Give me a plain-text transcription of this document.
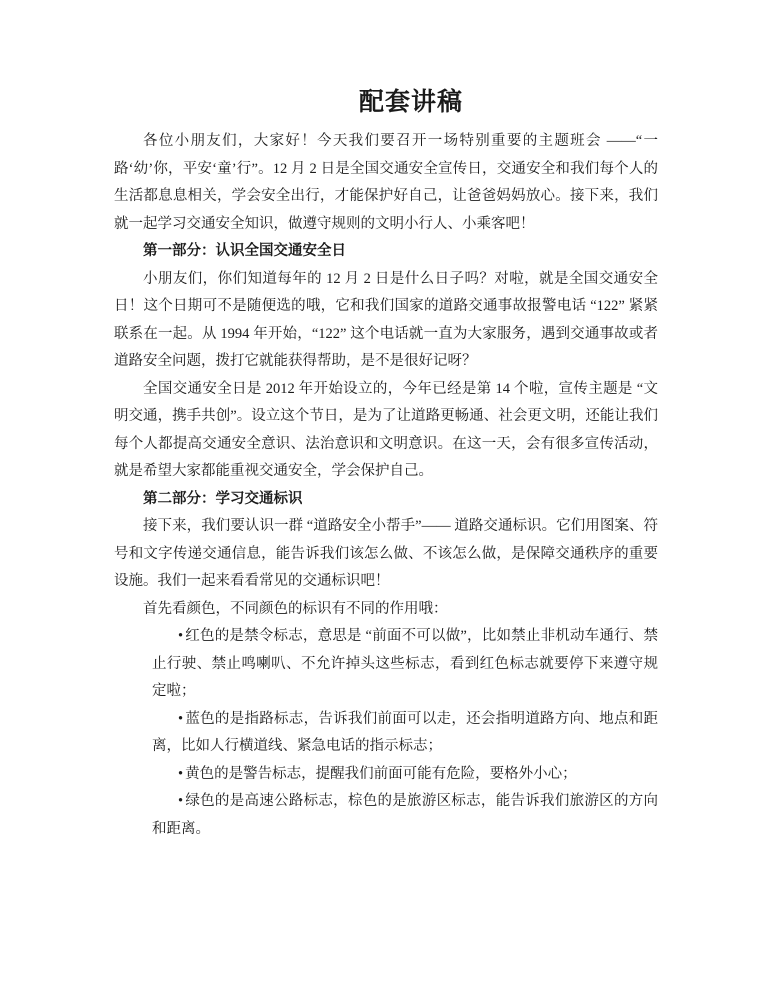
配套讲稿

各位小朋友们，大家好！今天我们要召开一场特别重要的主题班会 ——“一路‘幼’你，平安‘童’行”。12 月 2 日是全国交通安全宣传日，交通安全和我们每个人的生活都息息相关，学会安全出行，才能保护好自己，让爸爸妈妈放心。接下来，我们就一起学习交通安全知识，做遵守规则的文明小行人、小乘客吧！

第一部分：认识全国交通安全日

小朋友们，你们知道每年的 12 月 2 日是什么日子吗？对啦，就是全国交通安全日！这个日期可不是随便选的哦，它和我们国家的道路交通事故报警电话 “122” 紧紧联系在一起。从 1994 年开始，“122” 这个电话就一直为大家服务，遇到交通事故或者道路安全问题，拨打它就能获得帮助，是不是很好记呀？

全国交通安全日是 2012 年开始设立的，今年已经是第 14 个啦，宣传主题是 “文明交通，携手共创”。设立这个节日，是为了让道路更畅通、社会更文明，还能让我们每个人都提高交通安全意识、法治意识和文明意识。在这一天，会有很多宣传活动，就是希望大家都能重视交通安全，学会保护自己。

第二部分：学习交通标识

接下来，我们要认识一群 “道路安全小帮手”—— 道路交通标识。它们用图案、符号和文字传递交通信息，能告诉我们该怎么做、不该怎么做，是保障交通秩序的重要设施。我们一起来看看常见的交通标识吧！

首先看颜色，不同颜色的标识有不同的作用哦：

• 红色的是禁令标志，意思是 “前面不可以做”，比如禁止非机动车通行、禁止行驶、禁止鸣喇叭、不允许掉头这些标志，看到红色标志就要停下来遵守规定啦；

• 蓝色的是指路标志，告诉我们前面可以走，还会指明道路方向、地点和距离，比如人行横道线、紧急电话的指示标志；

• 黄色的是警告标志，提醒我们前面可能有危险，要格外小心；

• 绿色的是高速公路标志，棕色的是旅游区标志，能告诉我们旅游区的方向和距离。
